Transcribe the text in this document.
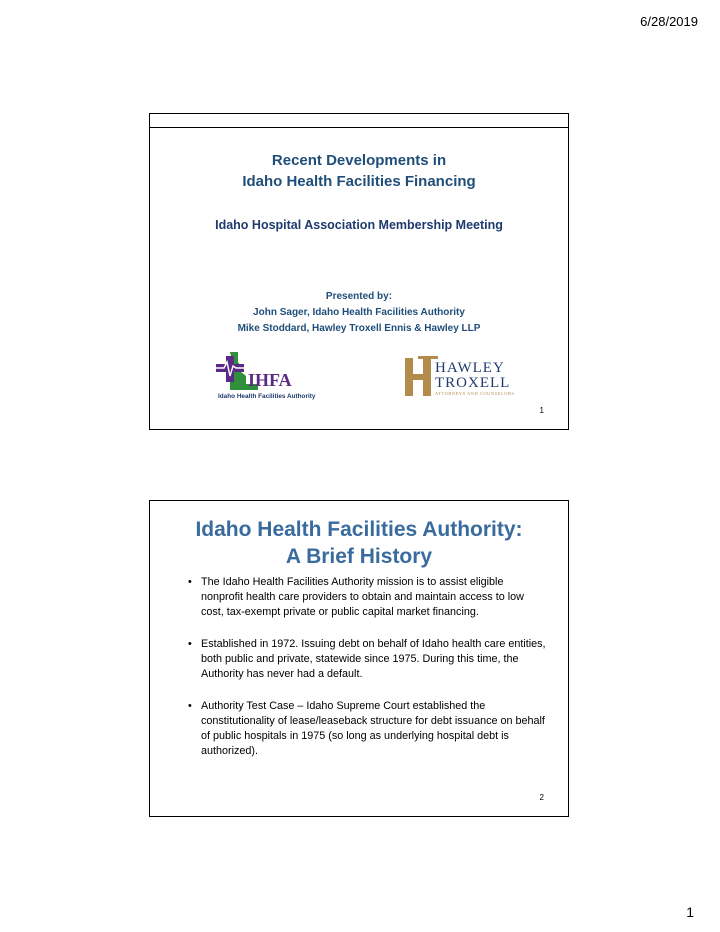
6/28/2019
Recent Developments in
Idaho Health Facilities Financing
Idaho Hospital Association Membership Meeting
Presented by:
John Sager, Idaho Health Facilities Authority
Mike Stoddard, Hawley Troxell Ennis & Hawley LLP
IHFA
Idaho Health Facilities Authority
HAWLEY
TROXELL
ATTORNEYS AND COUNSELORS
1
Idaho Health Facilities Authority:
A Brief History
• The Idaho Health Facilities Authority mission is to assist eligible nonprofit health care providers to obtain and maintain access to low cost, tax-exempt private or public capital market financing.
• Established in 1972. Issuing debt on behalf of Idaho health care entities, both public and private, statewide since 1975. During this time, the Authority has never had a default.
• Authority Test Case – Idaho Supreme Court established the constitutionality of lease/leaseback structure for debt issuance on behalf of public hospitals in 1975 (so long as underlying hospital debt is authorized).
2
1
